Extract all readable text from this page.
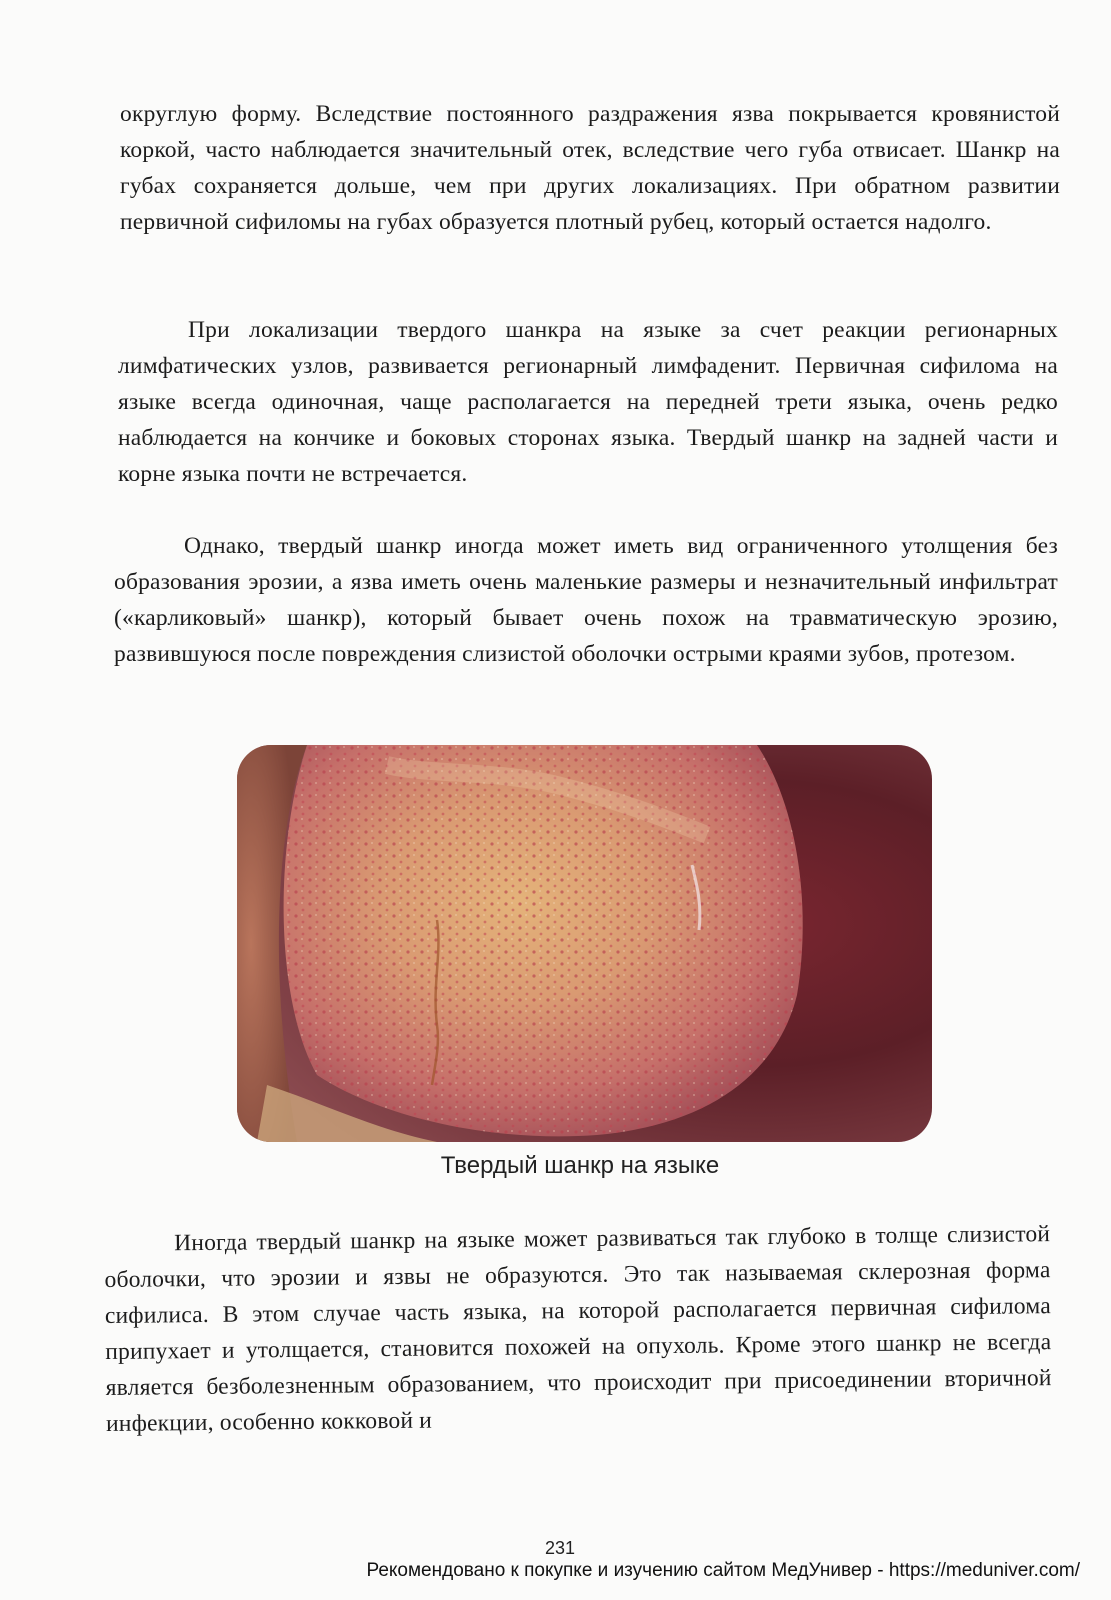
округлую форму. Вследствие постоянного раздражения язва покрывается кровянистой коркой, часто наблюдается значительный отек, вследствие чего губа отвисает. Шанкр на губах сохраняется дольше, чем при других локализациях. При обратном развитии первичной сифиломы на губах образуется плотный рубец, который остается надолго.

При локализации твердого шанкра на языке за счет реакции регионарных лимфатических узлов, развивается регионарный лимфаденит. Первичная сифилома на языке всегда одиночная, чаще располагается на передней трети языка, очень редко наблюдается на кончике и боковых сторонах языка. Твердый шанкр на задней части и корне языка почти не встречается.

Однако, твердый шанкр иногда может иметь вид ограниченного утолщения без образования эрозии, а язва иметь очень маленькие размеры и незначительный инфильтрат («карликовый» шанкр), который бывает очень похож на травматическую эрозию, развившуюся после повреждения слизистой оболочки острыми краями зубов, протезом.

Твердый шанкр на языке

Иногда твердый шанкр на языке может развиваться так глубоко в толще слизистой оболочки, что эрозии и язвы не образуются. Это так называемая склерозная форма сифилиса. В этом случае часть языка, на которой располагается первичная сифилома припухает и утолщается, становится похожей на опухоль. Кроме этого шанкр не всегда является безболезненным образованием, что происходит при присоединении вторичной инфекции, особенно кокковой и

231
Рекомендовано к покупке и изучению сайтом МедУнивер - https://meduniver.com/
